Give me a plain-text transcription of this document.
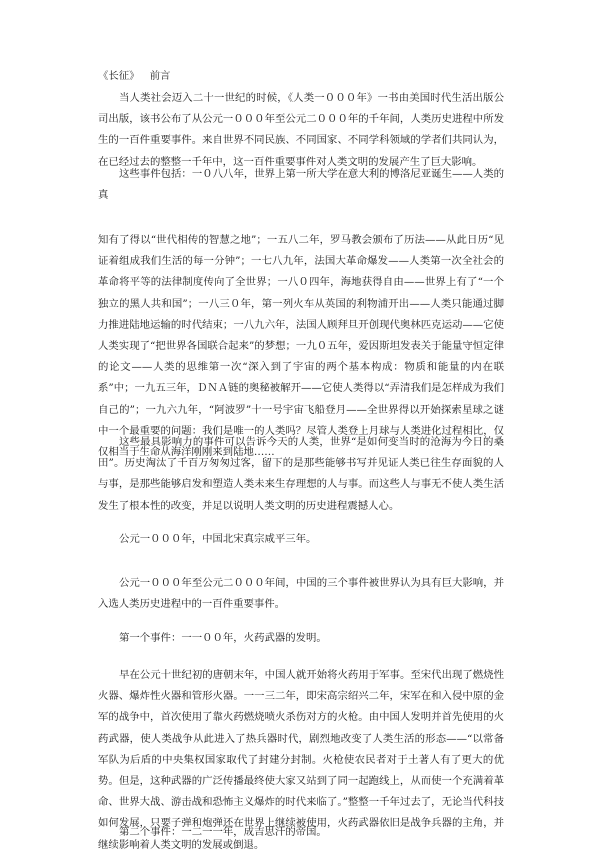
《长征》 前言

当人类社会迈入二十一世纪的时候，《人类一０００年》一书由美国时代生活出版公司出版，该书公布了从公元一０００年至公元二０００年的千年间，人类历史进程中所发生的一百件重要事件。来自世界不同民族、不同国家、不同学科领域的学者们共同认为，在已经过去的整整一千年中，这一百件重要事件对人类文明的发展产生了巨大影响。

这些事件包括：一０八八年，世界上第一所大学在意大利的博洛尼亚诞生——人类的真

知有了得以“世代相传的智慧之地”；一五八二年，罗马教会颁布了历法——从此日历“见证着组成我们生活的每一分钟”；一七八九年，法国大革命爆发——人类第一次全社会的革命将平等的法律制度传向了全世界；一八０四年，海地获得自由——世界上有了“一个独立的黑人共和国”；一八三０年，第一列火车从英国的利物浦开出——人类只能通过脚力推进陆地运输的时代结束；一八九六年，法国人顾拜旦开创现代奥林匹克运动——它使人类实现了“把世界各国联合起来”的梦想；一九０五年，爱因斯坦发表关于能量守恒定律的论文——人类的思维第一次“深入到了宇宙的两个基本构成：物质和能量的内在联系”中；一九五三年，ＤＮＡ链的奥秘被解开——它使人类得以“弄清我们是怎样成为我们自己的”；一九六九年，“阿波罗”十一号宇宙飞船登月——全世界得以开始探索星球之谜中一个最重要的问题：我们是唯一的人类吗？尽管人类登上月球与人类进化过程相比，仅仅相当于生命从海洋刚刚来到陆地……

这些最具影响力的事件可以告诉今天的人类，世界“是如何变当时的沧海为今日的桑田”。历史淘汰了千百万匆匆过客，留下的是那些能够书写并见证人类已往生存面貌的人与事，是那些能够启发和塑造人类未来生存理想的人与事。而这些人与事无不使人类生活发生了根本性的改变，并足以说明人类文明的历史进程震撼人心。

公元一０００年，中国北宋真宗咸平三年。

公元一０００年至公元二０００年间，中国的三个事件被世界认为具有巨大影响，并入选人类历史进程中的一百件重要事件。

第一个事件：一一００年，火药武器的发明。

早在公元十世纪初的唐朝末年，中国人就开始将火药用于军事。至宋代出现了燃烧性火器、爆炸性火器和管形火器。一一三二年，即宋高宗绍兴二年，宋军在和入侵中原的金军的战争中，首次使用了靠火药燃烧喷火杀伤对方的火枪。由中国人发明并首先使用的火药武器，使人类战争从此进入了热兵器时代，剧烈地改变了人类生活的形态——“以常备军队为后盾的中央集权国家取代了封建分封制。火枪使农民者对于土著人有了更大的优势。但是，这种武器的广泛传播最终使大家又站到了同一起跑线上，从而使一个充满着革命、世界大战、游击战和恐怖主义爆炸的时代来临了。”整整一千年过去了，无论当代科技如何发展，只要子弹和炮弹还在世界上继续被使用，火药武器依旧是战争兵器的主角，并继续影响着人类文明的发展或倒退。

第二个事件：一二一一年，成吉思汗的帝国。
